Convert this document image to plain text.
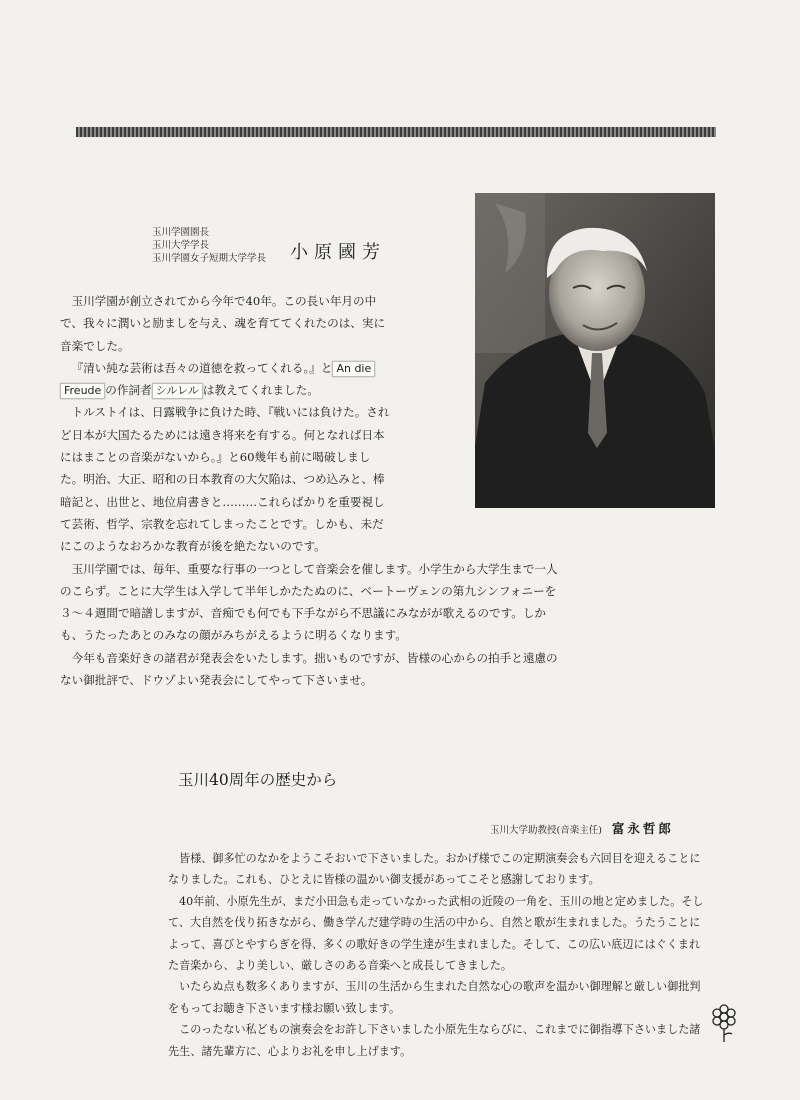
玉川学園園長
玉川大学学長
玉川学園女子短期大学学長 小原國芳

玉川学園が創立されてから今年で40年。この長い年月の中で、我々に潤いと励ましを与え、魂を育ててくれたのは、実に音楽でした。

『清い純な芸術は吾々の道徳を救ってくれる。』と An die
Freude の作詞者 シルレル は教えてくれました。

トルストイは、日露戦争に負けた時、『戦いには負けた。されど日本が大国たるためには遠き将来を有する。何となれば日本にはまことの音楽がないから。』と60幾年も前に喝破しました。明治、大正、昭和の日本教育の大欠陥は、つめ込みと、棒暗記と、出世と、地位肩書きと………これらばかりを重要視して芸術、哲学、宗教を忘れてしまったことです。しかも、未だにこのようなおろかな教育が後を絶たないのです。

玉川学園では、毎年、重要な行事の一つとして音楽会を催します。小学生から大学生まで一人のこらず。ことに大学生は入学して半年しかたたぬのに、ベートーヴェンの第九シンフォニーを３～４週間で暗譜しますが、音痴でも何でも下手ながら不思議にみながが歌えるのです。しかも、うたったあとのみなの顔がみちがえるように明るくなります。

今年も音楽好きの諸君が発表会をいたします。拙いものですが、皆様の心からの拍手と遠慮のない御批評で、ドウゾよい発表会にしてやって下さいませ。

玉川40周年の歴史から
玉川大学助教授(音楽主任) 富永哲郎

皆様、御多忙のなかをようこそおいで下さいました。おかげ様でこの定期演奏会も六回目を迎えることになりました。これも、ひとえに皆様の温かい御支援があってこそと感謝しております。

40年前、小原先生が、まだ小田急も走っていなかった武相の近陵の一角を、玉川の地と定めました。そして、大自然を伐り拓きながら、働き学んだ建学時の生活の中から、自然と歌が生まれました。うたうことによって、喜びとやすらぎを得、多くの歌好きの学生達が生まれました。そして、この広い底辺にはぐくまれた音楽から、より美しい、厳しさのある音楽へと成長してきました。

いたらぬ点も数多くありますが、玉川の生活から生まれた自然な心の歌声を温かい御理解と厳しい御批判をもってお聴き下さいます様お願い致します。

このったない私どもの演奏会をお許し下さいました小原先生ならびに、これまでに御指導下さいました諸先生、諸先輩方に、心よりお礼を申し上げます。
